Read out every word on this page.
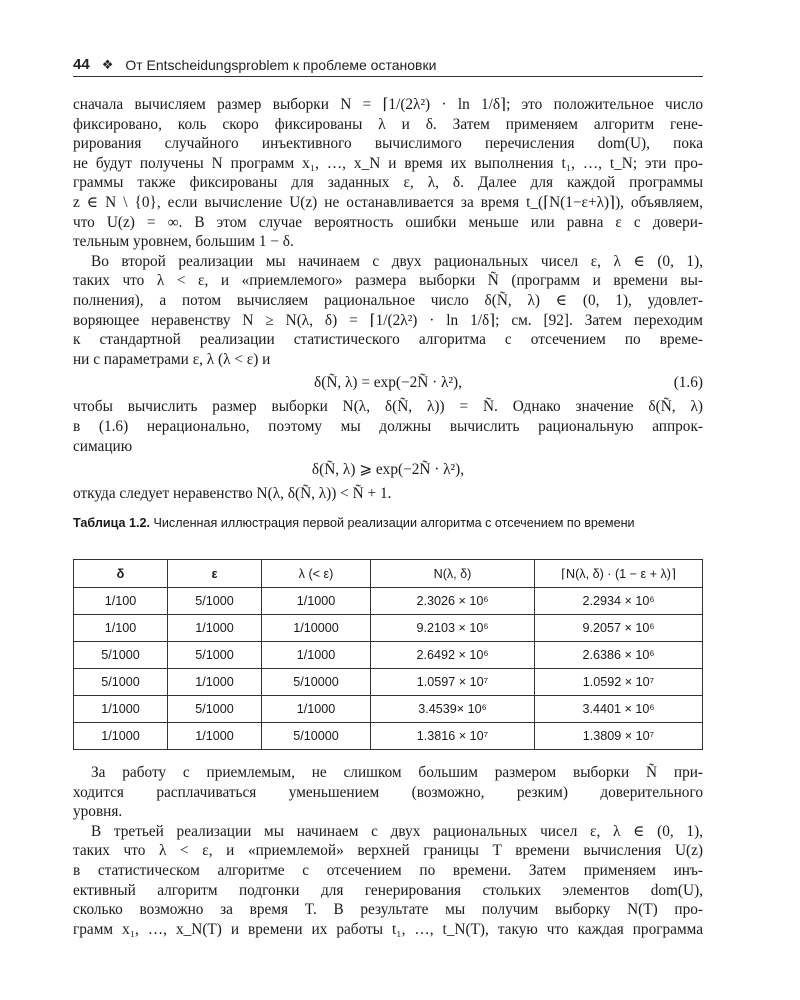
44 ❖ От Entscheidungsproblem к проблеме остановки

сначала вычисляем размер выборки N = ⌈1/(2λ²) · ln 1/δ⌉; это положительное число

фиксировано, коль скоро фиксированы λ и δ. Затем применяем алгоритм гене-

рирования случайного инъективного вычислимого перечисления dom(U), пока

не будут получены N программ x₁, …, x_N и время их выполнения t₁, …, t_N; эти про-

граммы также фиксированы для заданных ε, λ, δ. Далее для каждой программы

z ∈ N \ {0}, если вычисление U(z) не останавливается за время t_(⌈N(1−ε+λ)⌉), объявляем,

что U(z) = ∞. В этом случае вероятность ошибки меньше или равна ε с довери-

тельным уровнем, большим 1 − δ.

Во второй реализации мы начинаем с двух рациональных чисел ε, λ ∈ (0, 1),

таких что λ < ε, и «приемлемого» размера выборки Ñ (программ и времени вы-

полнения), а потом вычисляем рациональное число δ(Ñ, λ) ∈ (0, 1), удовлет-

воряющее неравенству N ≥ N(λ, δ) = ⌈1/(2λ²) · ln 1/δ⌉; см. [92]. Затем переходим

к стандартной реализации статистического алгоритма с отсечением по време-

ни с параметрами ε, λ (λ < ε) и

δ(Ñ, λ) = exp(−2Ñ · λ²),	(1.6)

чтобы вычислить размер выборки N(λ, δ(Ñ, λ)) = Ñ. Однако значение δ(Ñ, λ)

в (1.6) нерационально, поэтому мы должны вычислить рациональную аппрок-

симацию

δ(Ñ, λ) ⩾ exp(−2Ñ · λ²),

откуда следует неравенство N(λ, δ(Ñ, λ)) < Ñ + 1.

Таблица 1.2. Численная иллюстрация первой реализации алгоритма с отсечением по времени
δ	ε	λ (< ε)	N(λ, δ)	⌈N(λ, δ) · (1 − ε + λ)⌉
1/100	5/1000	1/1000	2.3026 × 10⁶	2.2934 × 10⁶
1/100	1/1000	1/10000	9.2103 × 10⁶	9.2057 × 10⁶
5/1000	5/1000	1/1000	2.6492 × 10⁶	2.6386 × 10⁶
5/1000	1/1000	5/10000	1.0597 × 10⁷	1.0592 × 10⁷
1/1000	5/1000	1/1000	3.4539× 10⁶	3.4401 × 10⁶
1/1000	1/1000	5/10000	1.3816 × 10⁷	1.3809 × 10⁷

За работу с приемлемым, не слишком большим размером выборки Ñ при-

ходится расплачиваться уменьшением (возможно, резким) доверительного

уровня.

В третьей реализации мы начинаем с двух рациональных чисел ε, λ ∈ (0, 1),

таких что λ < ε, и «приемлемой» верхней границы T времени вычисления U(z)

в статистическом алгоритме с отсечением по времени. Затем применяем инъ-

ективный алгоритм подгонки для генерирования стольких элементов dom(U),

сколько возможно за время T. В результате мы получим выборку N(T) про-

грамм x₁, …, x_N(T) и времени их работы t₁, …, t_N(T), такую что каждая программа
